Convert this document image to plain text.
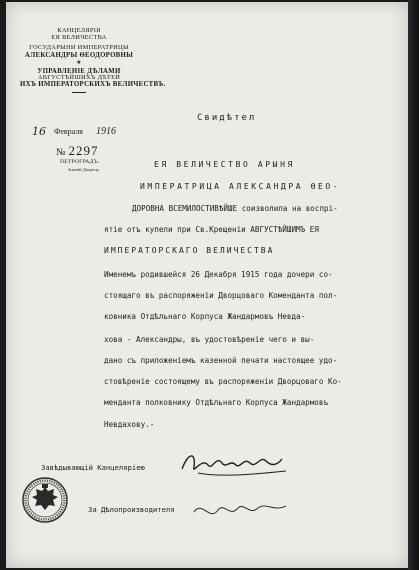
КАНЦЕЛЯРІЯ
ЕЯ ВЕЛИЧЕСТВА
ГОСУДАРЫНИ ИМПЕРАТРИЦЫ
АЛЕКСАНДРЫ ѲЕОДОРОВНЫ
★
УПРАВЛЕНІЕ ДѢЛАМИ
АВГУСТѢЙШИХЪ ДѢТЕЙ
ИХЪ ИМПЕРАТОРСКИХЪ ВЕЛИЧЕСТВЪ.
16 Февраля 1916
№ 2297
ПЕТРОГРАДЪ.
Зимній Дворецъ.
Свидѣтел
ЕЯ ВЕЛИЧЕСТВО АРЫНЯ
ИМПЕРАТРИЦА АЛЕКСАНДРА ѲЕО-
ДОРОВНА ВСЕМИЛОСТИВѢЙШЕ соизволила на воспрі-
ятіе отъ купели при Св.Крещеніи АВГУСТѢЙШИМЪ ЕЯ
ИМПЕРАТОРСКАГО ВЕЛИЧЕСТВА
Именемъ родившейся 26 Декабря 1915 года дочери со-
стоящаго въ распоряженіи Дворцоваго Коменданта пол-
ковника Отдѣльнаго Корпуса Жандармовъ Невда-
хова - Александры, въ удостовѣреніе чего и вы-
дано съ приложеніемъ казенной печати настоящее удо-
стовѣреніе состоящему въ распоряженіи Дворцоваго Ко-
менданта полковнику Отдѣльнаго Корпуса Жандармовъ
Невдахову.-
Завѣдывающій Канцеляріею
За Дѣлопроизводителя
